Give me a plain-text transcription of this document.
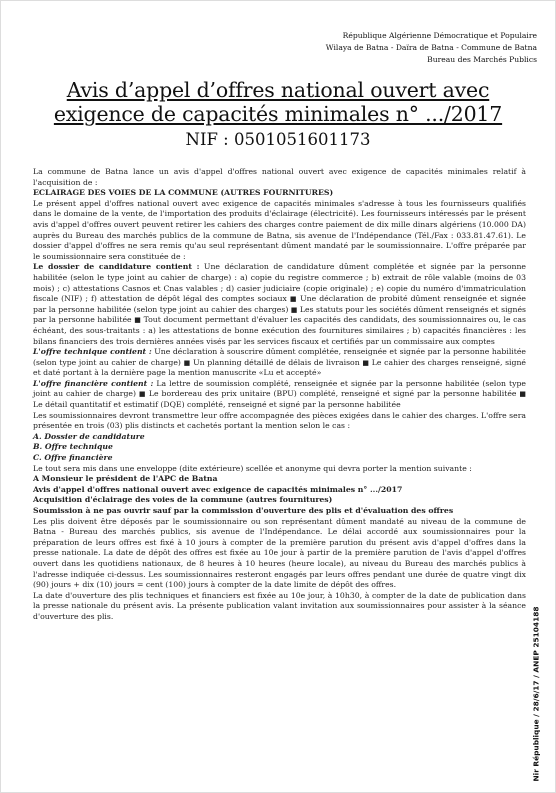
République Algérienne Démocratique et Populaire
Wilaya de Batna - Daïra de Batna - Commune de Batna
Bureau des Marchés Publics
Avis d’appel d’offres national ouvert avec
exigence de capacités minimales n° .../2017
NIF : 0501051601173
​

La commune de Batna lance un avis d'appel d'offres national ouvert avec exigence de capacités minimales relatif à l'acquisition de :

ECLAIRAGE DES VOIES DE LA COMMUNE (AUTRES FOURNITURES)

Le présent appel d'offres national ouvert avec exigence de capacités minimales s'adresse à tous les fournisseurs qualifiés dans le domaine de la vente, de l'importation des produits d'éclairage (électricité). Les fournisseurs intéressés par le présent avis d'appel d'offres ouvert peuvent retirer les cahiers des charges contre paiement de dix mille dinars algériens (10.000 DA) auprès du Bureau des marchés publics de la commune de Batna, sis avenue de l'Indépendance (Tél./Fax : 033.81.47.61). Le dossier d'appel d'offres ne sera remis qu'au seul représentant dûment mandaté par le soumissionnaire. L'offre préparée par le soumissionnaire sera constituée de :

Le dossier de candidature contient : Une déclaration de candidature dûment complétée et signée par la personne habilitée (selon le type joint au cahier de charge) : a) copie du registre commerce ; b) extrait de rôle valable (moins de 03 mois) ; c) attestations Casnos et Cnas valables ; d) casier judiciaire (copie originale) ; e) copie du numéro d'immatriculation fiscale (NIF) ; f) attestation de dépôt légal des comptes sociaux ■ Une déclaration de probité dûment renseignée et signée par la personne habilitée (selon type joint au cahier des charges) ■ Les statuts pour les sociétés dûment renseignés et signés par la personne habilitée ■ Tout document permettant d'évaluer les capacités des candidats, des soumissionnaires ou, le cas échéant, des sous-traitants : a) les attestations de bonne exécution des fournitures similaires ; b) capacités financières : les bilans financiers des trois dernières années visés par les services fiscaux et certifiés par un commissaire aux comptes

L'offre technique contient : Une déclaration à souscrire dûment complétée, renseignée et signée par la personne habilitée (selon type joint au cahier de charge) ■ Un planning détaillé de délais de livraison ■ Le cahier des charges renseigné, signé et daté portant à la dernière page la mention manuscrite «Lu et accepté»

L'offre financière contient : La lettre de soumission complété, renseignée et signée par la personne habilitée (selon type joint au cahier de charge) ■ Le bordereau des prix unitaire (BPU) complété, renseigné et signé par la personne habilitée ■ Le détail quantitatif et estimatif (DQE) complété, renseigné et signé par la personne habilitée

Les soumissionnaires devront transmettre leur offre accompagnée des pièces exigées dans le cahier des charges. L'offre sera présentée en trois (03) plis distincts et cachetés portant la mention selon le cas :

A. Dossier de candidature

B. Offre technique

C. Offre financière

Le tout sera mis dans une enveloppe (dite extérieure) scellée et anonyme qui devra porter la mention suivante :

A Monsieur le président de l'APC de Batna

Avis d'appel d'offres national ouvert avec exigence de capacités minimales n° .../2017

Acquisition d'éclairage des voies de la commune (autres fournitures)

Soumission à ne pas ouvrir sauf par la commission d'ouverture des plis et d'évaluation des offres

Les plis doivent être déposés par le soumissionnaire ou son représentant dûment mandaté au niveau de la commune de Batna - Bureau des marchés publics, sis avenue de l'Indépendance. Le délai accordé aux soumissionnaires pour la préparation de leurs offres est fixé à 10 jours à compter de la première parution du présent avis d'appel d'offres dans la presse nationale. La date de dépôt des offres est fixée au 10e jour à partir de la première parution de l'avis d'appel d'offres ouvert dans les quotidiens nationaux, de 8 heures à 10 heures (heure locale), au niveau du Bureau des marchés publics à l'adresse indiquée ci-dessus. Les soumissionnaires resteront engagés par leurs offres pendant une durée de quatre vingt dix (90) jours + dix (10) jours = cent (100) jours à compter de la date limite de dépôt des offres.

La date d'ouverture des plis techniques et financiers est fixée au 10e jour, à 10h30, à compter de la date de publication dans la presse nationale du présent avis. La présente publication valant invitation aux soumissionnaires pour assister à la séance d'ouverture des plis.	Nir République / 28/6/17 / ANEP 25104188
